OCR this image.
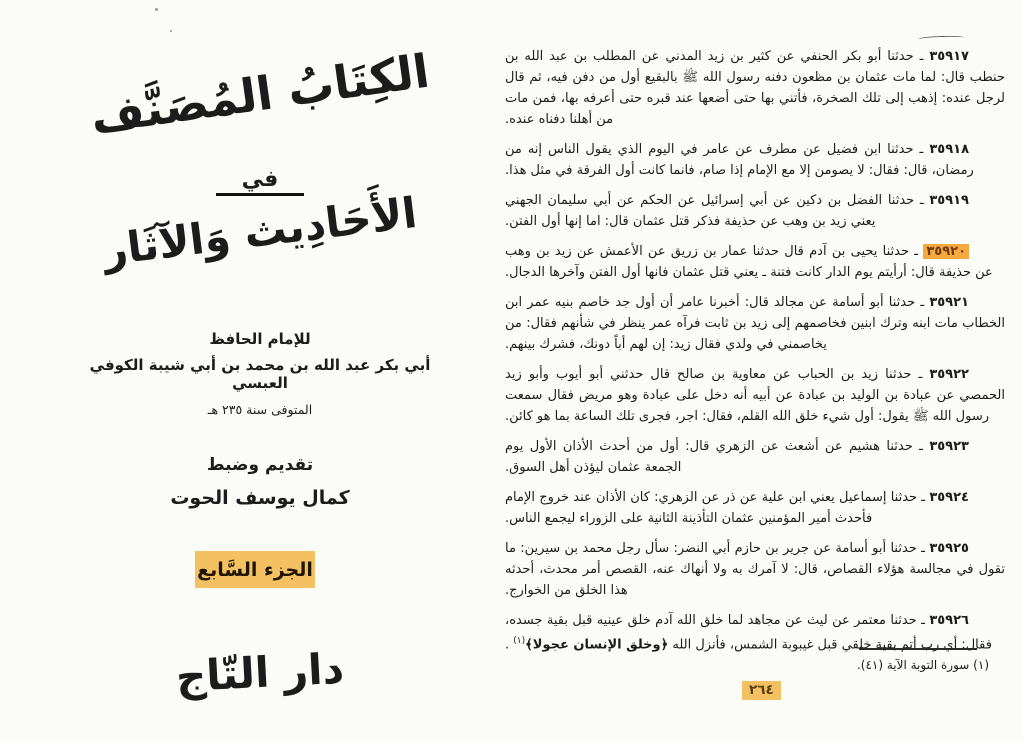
الكِتَابُ المُصَنَّف
في
الأَحَادِيث وَالآثَار
للإمام الحافظ
أبي بكر عبد الله بن محمد بن أبي شيبة الكوفي العبسي
المتوفى سنة ٢٣٥ هـ
تقديم وضبط
كمال يوسف الحوت
الجزء السَّابع
دار التّاج

٣٥٩١٧ ـ حدثنا أبو بكر الحنفي عن كثير بن زيد المدني عن المطلب بن عبد الله بن حنطب قال: لما مات عثمان بن مظعون دفنه رسول الله ﷺ بالبقيع أول من دفن فيه، ثم قال لرجل عنده: إذهب إلى تلك الصخرة، فأتني بها حتى أضعها عند قبره حتى أعرفه بها، فمن مات من أهلنا دفناه عنده.

٣٥٩١٨ ـ حدثنا ابن فضيل عن مطرف عن عامر في اليوم الذي يقول الناس إنه من رمضان، قال: فقال: لا يصومن إلا مع الإمام إذا صام، فانما كانت أول الفرقة في مثل هذا.

٣٥٩١٩ ـ حدثنا الفضل بن دكين عن أبي إسرائيل عن الحكم عن أبي سليمان الجهني يعني زيد بن وهب عن حذيفة فذكر قتل عثمان قال: اما إنها أول الفتن.

٣٥٩٢٠ ـ حدثنا يحيى بن آدم قال حدثنا عمار بن زريق عن الأعمش عن زيد بن وهب عن حذيفة قال: أرأيتم يوم الدار كانت فتنة ـ يعني قتل عثمان فانها أول الفتن وآخرها الدجال.

٣٥٩٢١ ـ حدثنا أبو أسامة عن مجالد قال: أخبرنا عامر أن أول جد خاصم بنيه عمر ابن الخطاب مات ابنه وترك ابنين فخاصمهم إلى زيد بن ثابت فرآه عمر ينظر في شأنهم فقال: من يخاصمني في ولدي فقال زيد: إن لهم أباً دونك، فشرك بينهم.

٣٥٩٢٢ ـ حدثنا زيد بن الحباب عن معاوية بن صالح قال حدثني أبو أيوب وأبو زيد الحمصي عن عبادة بن الوليد بن عبادة عن أبيه أنه دخل على عبادة وهو مريض فقال سمعت رسول الله ﷺ يقول: أول شيء خلق الله القلم، فقال: اجر، فجرى تلك الساعة بما هو كائن.

٣٥٩٢٣ ـ حدثنا هشيم عن أشعث عن الزهري قال: أول من أحدث الأذان الأول يوم الجمعة عثمان ليؤذن أهل السوق.

٣٥٩٢٤ ـ حدثنا إسماعيل يعني ابن علية عن ذر عن الزهري: كان الأذان عند خروج الإمام فأحدث أمير المؤمنين عثمان التأذينة الثانية على الزوراء ليجمع الناس.

٣٥٩٢٥ ـ حدثنا أبو أسامة عن جرير بن حازم أبي النضر: سأل رجل محمد بن سيرين: ما تقول في مجالسة هؤلاء القصاص، قال: لا آمرك به ولا أنهاك عنه، القصص أمر محدث، أحدثه هذا الخلق من الخوارج.

٣٥٩٢٦ ـ حدثنا معتمر عن ليث عن مجاهد لما خلق الله آدم خلق عينيه قبل بقية جسده، فقال: أي رب أتم بقية خلقي قبل غيبوبة الشمس، فأنزل الله ﴿وخلق الإنسان عجولا﴾$^{(١)}$ .

(١) سورة التوبة الآية (٤١).
٢٦٤
